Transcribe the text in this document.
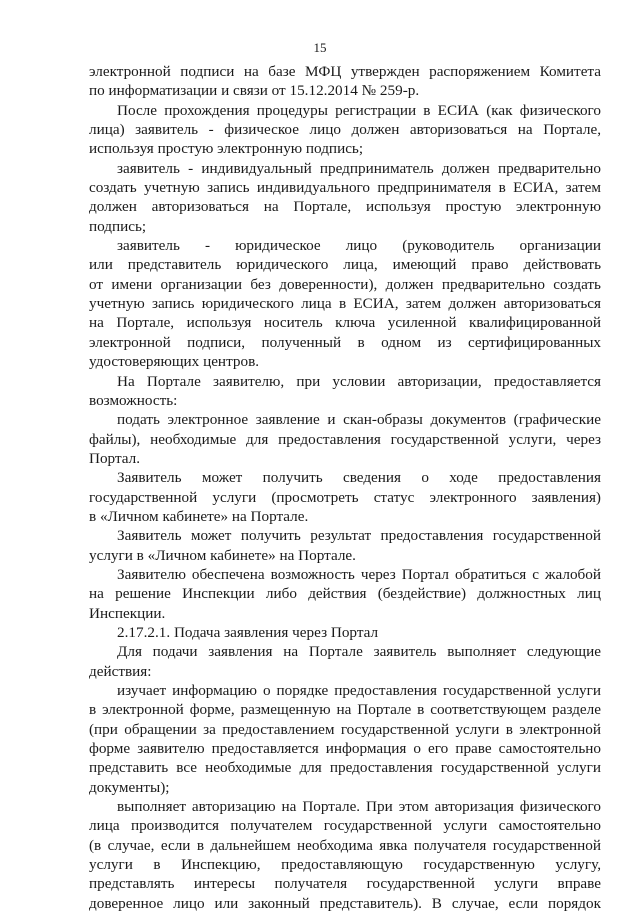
15
электронной подписи на базе МФЦ утвержден распоряжением Комитета
по информатизации и связи от 15.12.2014 № 259-р.
После прохождения процедуры регистрации в ЕСИА (как физического
лица) заявитель - физическое лицо должен авторизоваться на Портале,
используя простую электронную подпись;
заявитель - индивидуальный предприниматель должен предварительно
создать учетную запись индивидуального предпринимателя в ЕСИА, затем
должен авторизоваться на Портале, используя простую электронную
подпись;
заявитель - юридическое лицо (руководитель организации
или представитель юридического лица, имеющий право действовать
от имени организации без доверенности), должен предварительно создать
учетную запись юридического лица в ЕСИА, затем должен авторизоваться
на Портале, используя носитель ключа усиленной квалифицированной
электронной подписи, полученный в одном из сертифицированных
удостоверяющих центров.
На Портале заявителю, при условии авторизации, предоставляется
возможность:
подать электронное заявление и скан-образы документов (графические
файлы), необходимые для предоставления государственной услуги, через
Портал.
Заявитель может получить сведения о ходе предоставления
государственной услуги (просмотреть статус электронного заявления)
в «Личном кабинете» на Портале.
Заявитель может получить результат предоставления государственной
услуги в «Личном кабинете» на Портале.
Заявителю обеспечена возможность через Портал обратиться с жалобой
на решение Инспекции либо действия (бездействие) должностных лиц
Инспекции.
2.17.2.1. Подача заявления через Портал
Для подачи заявления на Портале заявитель выполняет следующие
действия:
изучает информацию о порядке предоставления государственной услуги
в электронной форме, размещенную на Портале в соответствующем разделе
(при обращении за предоставлением государственной услуги в электронной
форме заявителю предоставляется информация о его праве самостоятельно
представить все необходимые для предоставления государственной услуги
документы);
выполняет авторизацию на Портале. При этом авторизация физического
лица производится получателем государственной услуги самостоятельно
(в случае, если в дальнейшем необходима явка получателя государственной
услуги в Инспекцию, предоставляющую государственную услугу,
представлять интересы получателя государственной услуги вправе
доверенное лицо или законный представитель). В случае, если порядок
